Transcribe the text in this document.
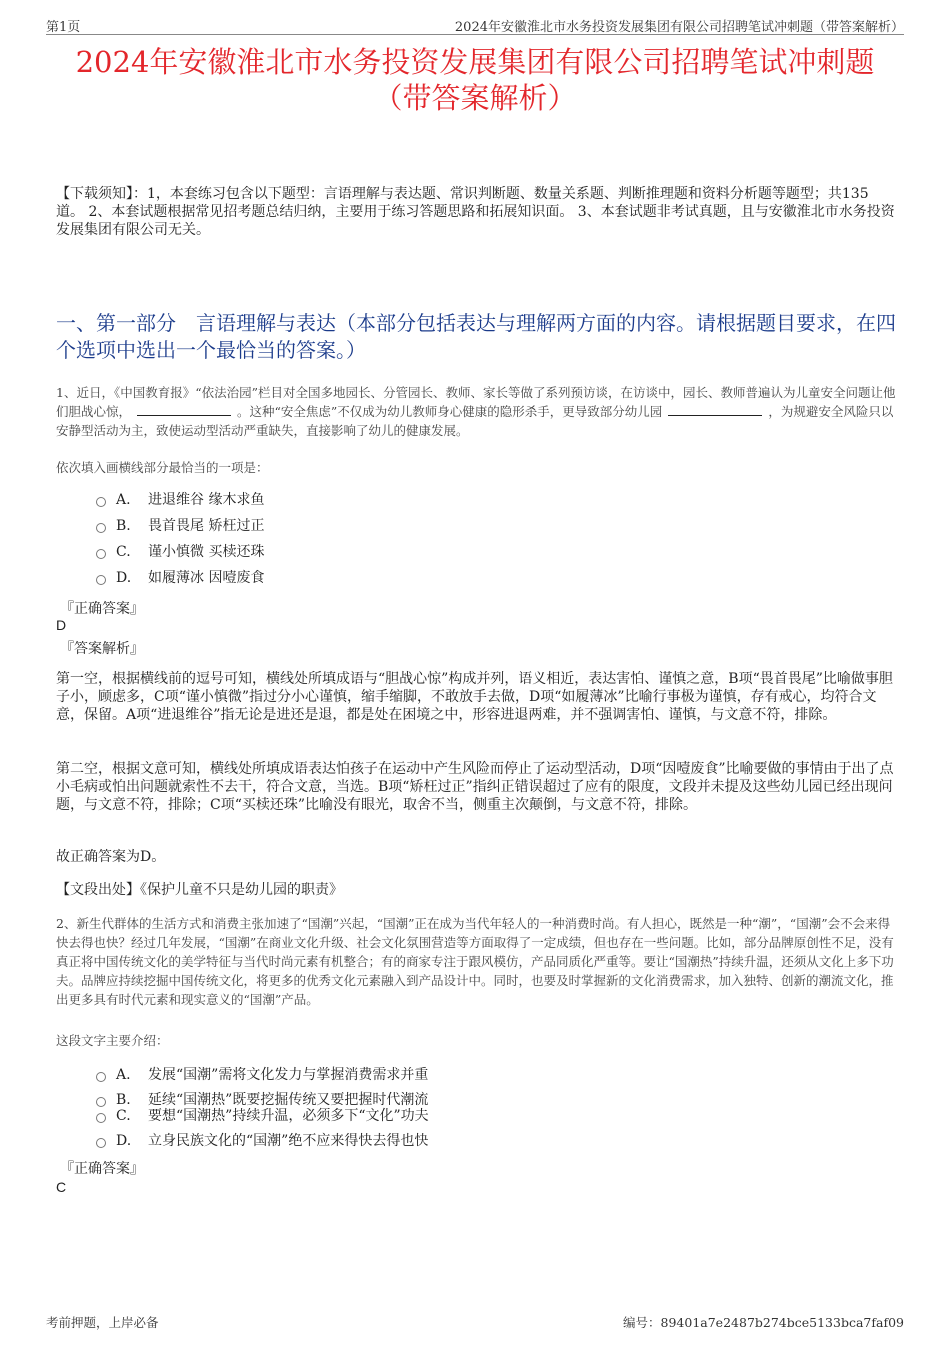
第1页	2024年安徽淮北市水务投资发展集团有限公司招聘笔试冲刺题（带答案解析）
2024年安徽淮北市水务投资发展集团有限公司招聘笔试冲刺题
（带答案解析）
【下载须知】：1，本套练习包含以下题型：言语理解与表达题、常识判断题、数量关系题、判断推理题和资料分析题等题型；共135道。 2、本套试题根据常见招考题总结归纳，主要用于练习答题思路和拓展知识面。 3、本套试题非考试真题，且与安徽淮北市水务投资发展集团有限公司无关。
一、第一部分　言语理解与表达（本部分包括表达与理解两方面的内容。请根据题目要求，在四个选项中选出一个最恰当的答案。）
1、近日，《中国教育报》“依法治园”栏目对全国多地园长、分管园长、教师、家长等做了系列预访谈，在访谈中，园长、教师普遍认为儿童安全问题让他们胆战心惊，	。这种“安全焦虑”不仅成为幼儿教师身心健康的隐形杀手，更导致部分幼儿园	，为规避安全风险只以安静型活动为主，致使运动型活动严重缺失，直接影响了幼儿的健康发展。
依次填入画横线部分最恰当的一项是：
A. 进退维谷 缘木求鱼
B. 畏首畏尾 矫枉过正
C. 谨小慎微 买椟还珠
D. 如履薄冰 因噎废食
『正确答案』
D
『答案解析』
第一空，根据横线前的逗号可知，横线处所填成语与“胆战心惊”构成并列，语义相近，表达害怕、谨慎之意，B项“畏首畏尾”比喻做事胆子小，顾虑多，C项“谨小慎微”指过分小心谨慎，缩手缩脚，不敢放手去做，D项“如履薄冰”比喻行事极为谨慎，存有戒心，均符合文意，保留。A项“进退维谷”指无论是进还是退，都是处在困境之中，形容进退两难，并不强调害怕、谨慎，与文意不符，排除。
第二空，根据文意可知，横线处所填成语表达怕孩子在运动中产生风险而停止了运动型活动，D项“因噎废食”比喻要做的事情由于出了点小毛病或怕出问题就索性不去干，符合文意，当选。B项“矫枉过正”指纠正错误超过了应有的限度，文段并未提及这些幼儿园已经出现问题，与文意不符，排除；C项“买椟还珠”比喻没有眼光，取舍不当，侧重主次颠倒，与文意不符，排除。
故正确答案为D。
【文段出处】《保护儿童不只是幼儿园的职责》
2、新生代群体的生活方式和消费主张加速了“国潮”兴起，“国潮”正在成为当代年轻人的一种消费时尚。有人担心，既然是一种“潮”，“国潮”会不会来得快去得也快？经过几年发展，“国潮”在商业文化升级、社会文化氛围营造等方面取得了一定成绩，但也存在一些问题。比如，部分品牌原创性不足，没有真正将中国传统文化的美学特征与当代时尚元素有机整合；有的商家专注于跟风模仿，产品同质化严重等。要让“国潮热”持续升温，还须从文化上多下功夫。品牌应持续挖掘中国传统文化，将更多的优秀文化元素融入到产品设计中。同时，也要及时掌握新的文化消费需求，加入独特、创新的潮流文化，推出更多具有时代元素和现实意义的“国潮”产品。
这段文字主要介绍：
A. 发展“国潮”需将文化发力与掌握消费需求并重
B. 延续“国潮热”既要挖掘传统又要把握时代潮流
C. 要想“国潮热”持续升温，必须多下“文化”功夫
D. 立身民族文化的“国潮”绝不应来得快去得也快
『正确答案』
C
考前押题，上岸必备	编号：89401a7e2487b274bce5133bca7faf09
